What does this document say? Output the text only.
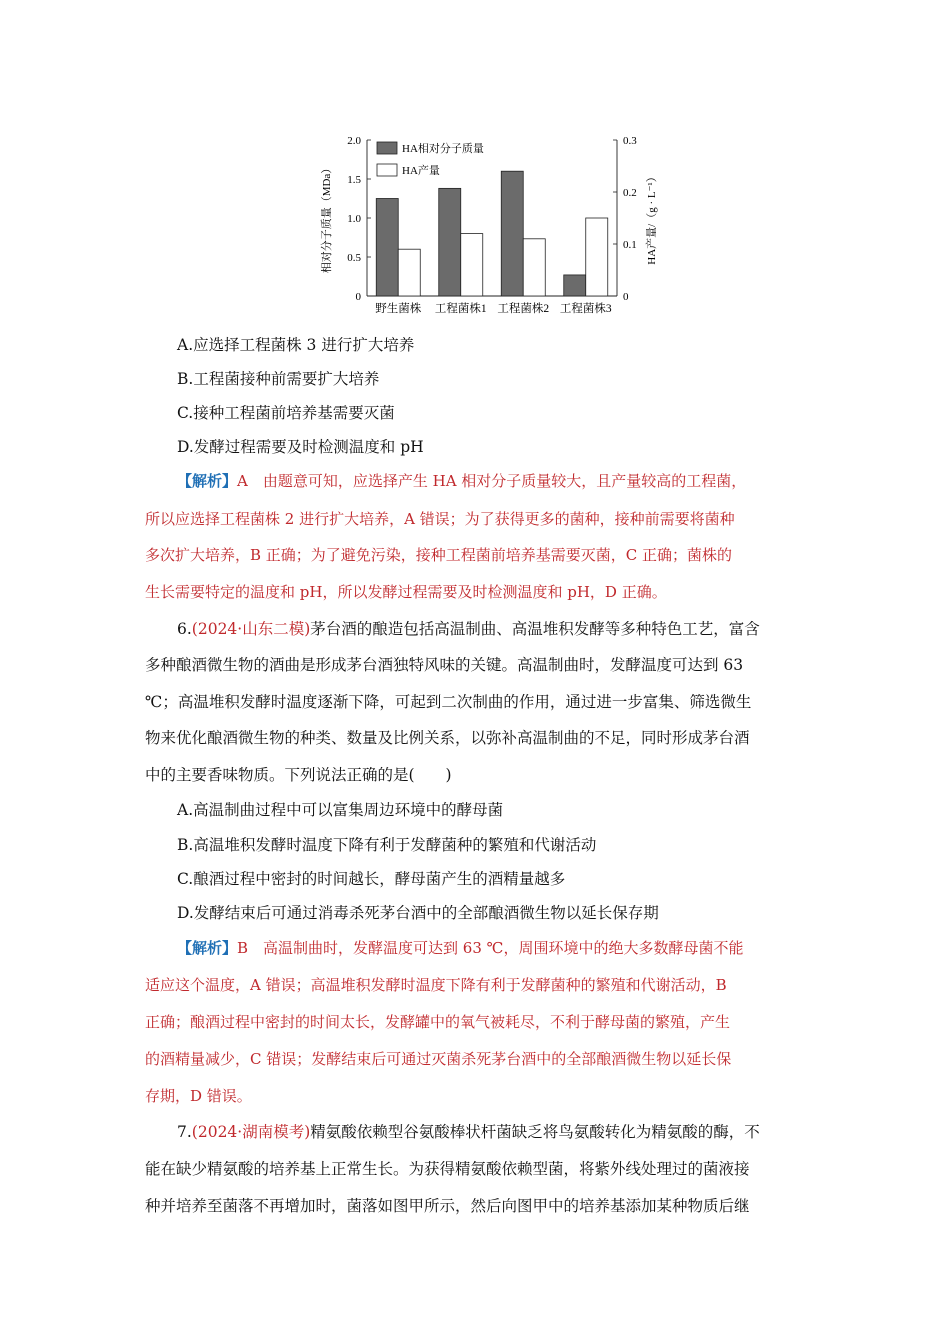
0
0.5
1.0
1.5
2.0
0
0.1
0.2
0.3
相对分子质量（MDa）	HA产量/（g · L⁻¹）
野生菌株 工程菌株1 工程菌株2 工程菌株3
HA相对分子质量
HA产量
A.应选择工程菌株 3 进行扩大培养
B.工程菌接种前需要扩大培养
C.接种工程菌前培养基需要灭菌
D.发酵过程需要及时检测温度和 pH
【解析】A　由题意可知，应选择产生 HA 相对分子质量较大，且产量较高的工程菌，
所以应选择工程菌株 2 进行扩大培养，A 错误；为了获得更多的菌种，接种前需要将菌种
多次扩大培养，B 正确；为了避免污染，接种工程菌前培养基需要灭菌，C 正确；菌株的
生长需要特定的温度和 pH，所以发酵过程需要及时检测温度和 pH，D 正确。
6.(2024·山东二模)茅台酒的酿造包括高温制曲、高温堆积发酵等多种特色工艺，富含
多种酿酒微生物的酒曲是形成茅台酒独特风味的关键。高温制曲时，发酵温度可达到 63
℃；高温堆积发酵时温度逐渐下降，可起到二次制曲的作用，通过进一步富集、筛选微生
物来优化酿酒微生物的种类、数量及比例关系，以弥补高温制曲的不足，同时形成茅台酒
中的主要香味物质。下列说法正确的是(　　)
A.高温制曲过程中可以富集周边环境中的酵母菌
B.高温堆积发酵时温度下降有利于发酵菌种的繁殖和代谢活动
C.酿酒过程中密封的时间越长，酵母菌产生的酒精量越多
D.发酵结束后可通过消毒杀死茅台酒中的全部酿酒微生物以延长保存期
【解析】B　高温制曲时，发酵温度可达到 63 ℃，周围环境中的绝大多数酵母菌不能
适应这个温度，A 错误；高温堆积发酵时温度下降有利于发酵菌种的繁殖和代谢活动，B
正确；酿酒过程中密封的时间太长，发酵罐中的氧气被耗尽，不利于酵母菌的繁殖，产生
的酒精量减少，C 错误；发酵结束后可通过灭菌杀死茅台酒中的全部酿酒微生物以延长保
存期，D 错误。
7.(2024·湖南模考)精氨酸依赖型谷氨酸棒状杆菌缺乏将鸟氨酸转化为精氨酸的酶，不
能在缺少精氨酸的培养基上正常生长。为获得精氨酸依赖型菌，将紫外线处理过的菌液接
种并培养至菌落不再增加时，菌落如图甲所示，然后向图甲中的培养基添加某种物质后继
